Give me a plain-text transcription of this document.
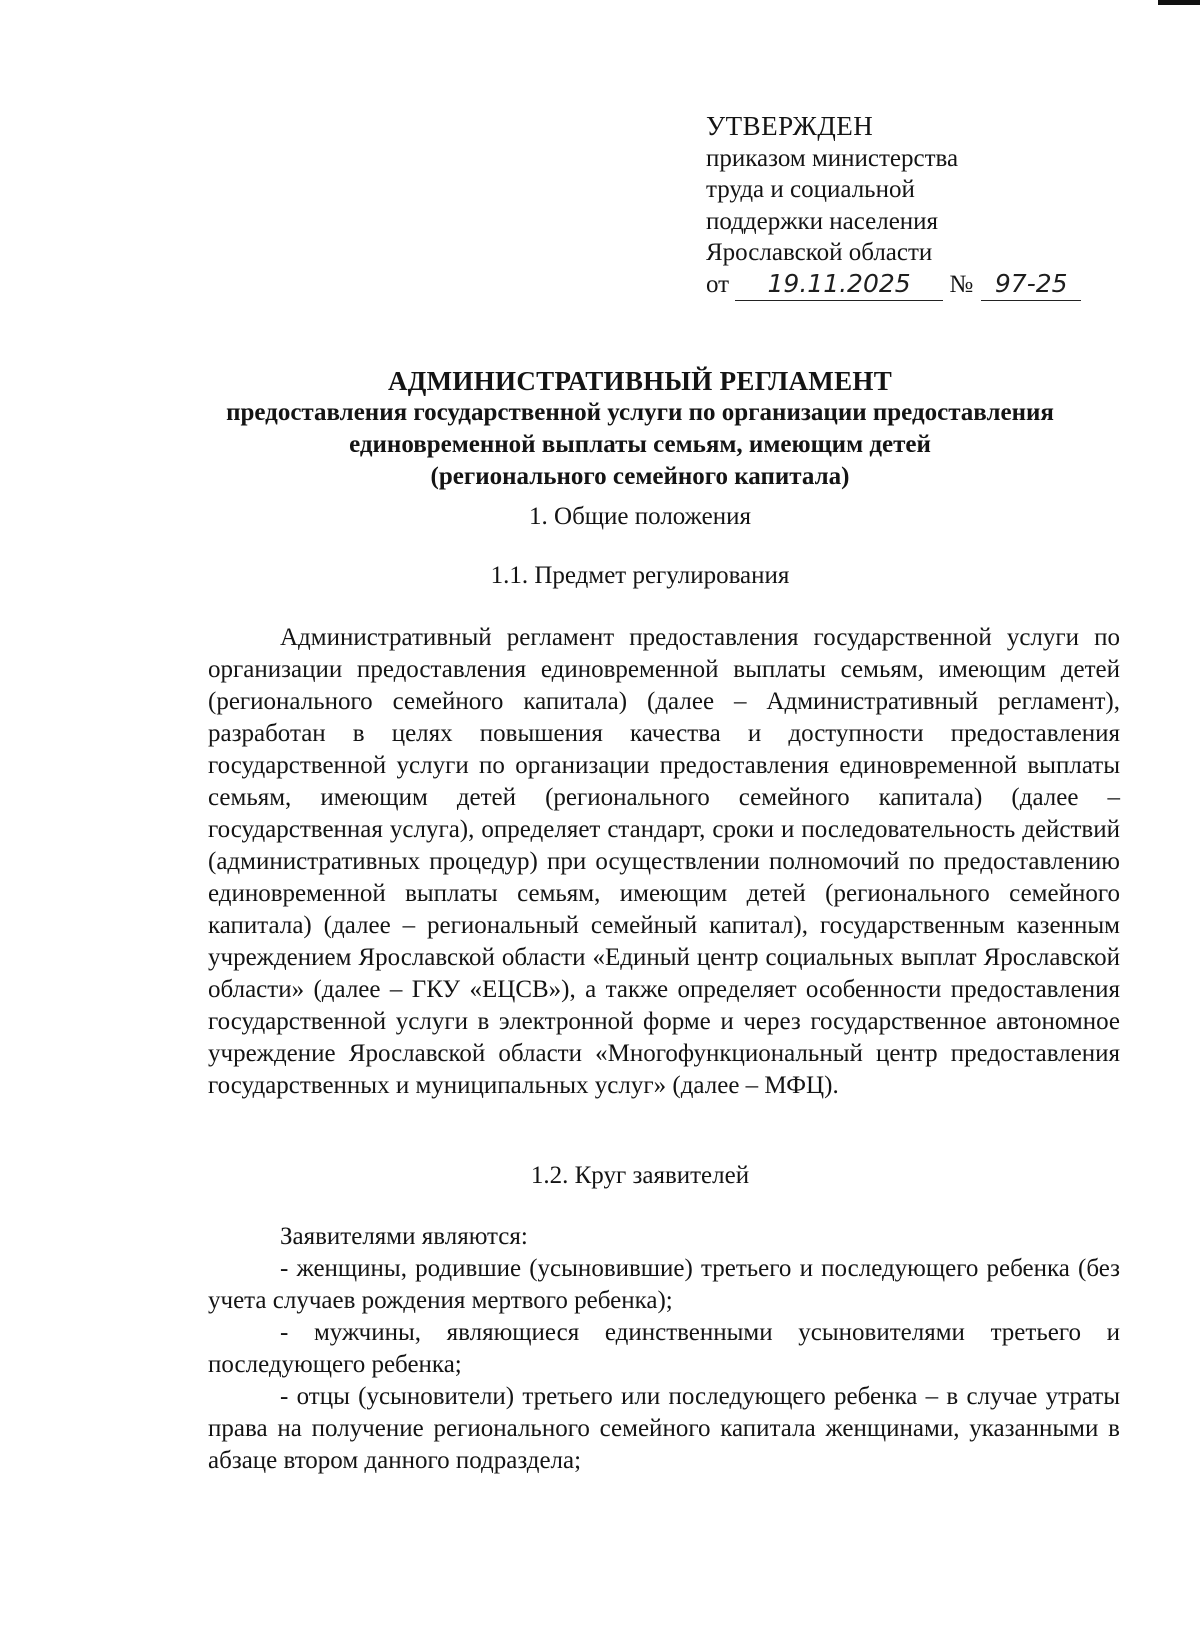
УТВЕРЖДЕН
приказом министерства
труда и социальной
поддержки населения
Ярославской области
от 19.11.2025 № 97-25
АДМИНИСТРАТИВНЫЙ РЕГЛАМЕНТ
предоставления государственной услуги по организации предоставления
единовременной выплаты семьям, имеющим детей
(регионального семейного капитала)
1. Общие положения
1.1. Предмет регулирования
Административный регламент предоставления государственной услуги по организации предоставления единовременной выплаты семьям, имеющим детей (регионального семейного капитала) (далее – Административный регламент), разработан в целях повышения качества и доступности предоставления государственной услуги по организации предоставления единовременной выплаты семьям, имеющим детей (регионального семейного капитала) (далее – государственная услуга), определяет стандарт, сроки и последовательность действий (административных процедур) при осуществлении полномочий по предоставлению единовременной выплаты семьям, имеющим детей (регионального семейного капитала) (далее – региональный семейный капитал), государственным казенным учреждением Ярославской области «Единый центр социальных выплат Ярославской области» (далее – ГКУ «ЕЦСВ»), а также определяет особенности предоставления государственной услуги в электронной форме и через государственное автономное учреждение Ярославской области «Многофункциональный центр предоставления государственных и муниципальных услуг» (далее – МФЦ).
1.2. Круг заявителей
Заявителями являются:
- женщины, родившие (усыновившие) третьего и последующего ребенка (без учета случаев рождения мертвого ребенка);
- мужчины, являющиеся единственными усыновителями третьего и последующего ребенка;
- отцы (усыновители) третьего или последующего ребенка – в случае утраты права на получение регионального семейного капитала женщинами, указанными в абзаце втором данного подраздела;
